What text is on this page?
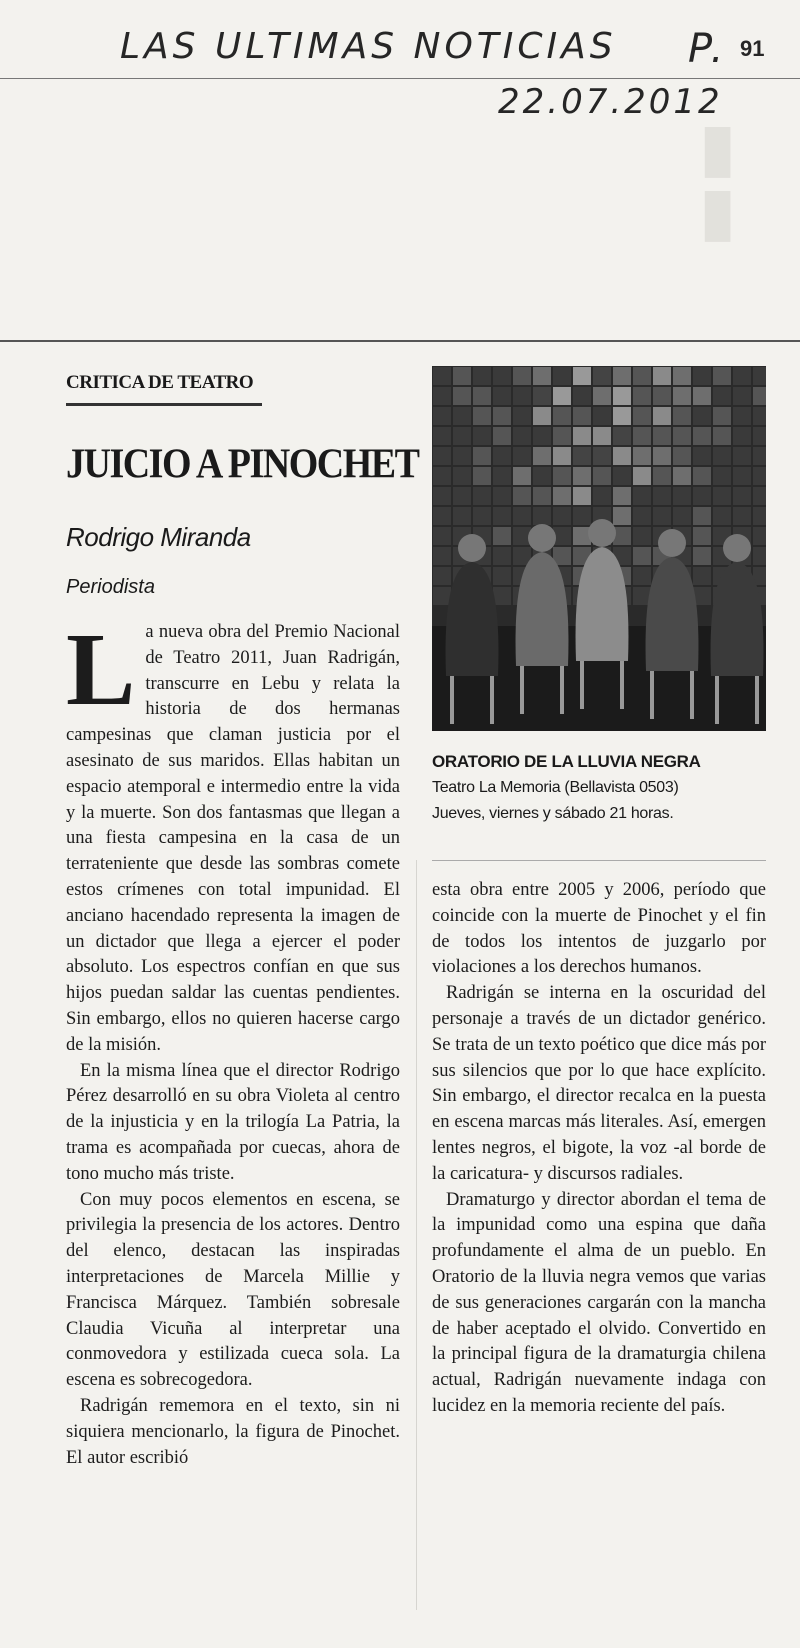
▮
▮
LAS ULTIMAS NOTICIAS P. 91
22.07.2012
CRITICA DE TEATRO
JUICIO A PINOCHET
Rodrigo Miranda
Periodista

La nueva obra del Premio Nacional de Teatro 2011, Juan Radrigán, transcurre en Lebu y relata la historia de dos hermanas campesinas que claman justicia por el asesinato de sus maridos. Ellas habitan un espacio atemporal e intermedio entre la vida y la muerte. Son dos fantasmas que llegan a una fiesta campesina en la casa de un terrateniente que desde las sombras comete estos crímenes con total impunidad. El anciano hacendado representa la imagen de un dictador que llega a ejercer el poder absoluto. Los espectros confían en que sus hijos puedan saldar las cuentas pendientes. Sin embargo, ellos no quieren hacerse cargo de la misión.

En la misma línea que el director Rodrigo Pérez desarrolló en su obra Violeta al centro de la injusticia y en la trilogía La Patria, la trama es acompañada por cuecas, ahora de tono mucho más triste.

Con muy pocos elementos en escena, se privilegia la presencia de los actores. Dentro del elenco, destacan las inspiradas interpretaciones de Marcela Millie y Francisca Márquez. También sobresale Claudia Vicuña al interpretar una conmovedora y estilizada cueca sola. La escena es sobrecogedora.

Radrigán rememora en el texto, sin ni siquiera mencionarlo, la figura de Pinochet. El autor escribió

ORATORIO DE LA LLUVIA NEGRA
Teatro La Memoria (Bellavista 0503)
Jueves, viernes y sábado 21 horas.

esta obra entre 2005 y 2006, período que coincide con la muerte de Pinochet y el fin de todos los intentos de juzgarlo por violaciones a los derechos humanos.

Radrigán se interna en la oscuridad del personaje a través de un dictador genérico. Se trata de un texto poético que dice más por sus silencios que por lo que hace explícito. Sin embargo, el director recalca en la puesta en escena marcas más literales. Así, emergen lentes negros, el bigote, la voz -al borde de la caricatura- y discursos radiales.

Dramaturgo y director abordan el tema de la impunidad como una espina que daña profundamente el alma de un pueblo. En Oratorio de la lluvia negra vemos que varias de sus generaciones cargarán con la mancha de haber aceptado el olvido. Convertido en la principal figura de la dramaturgia chilena actual, Radrigán nuevamente indaga con lucidez en la memoria reciente del país.
